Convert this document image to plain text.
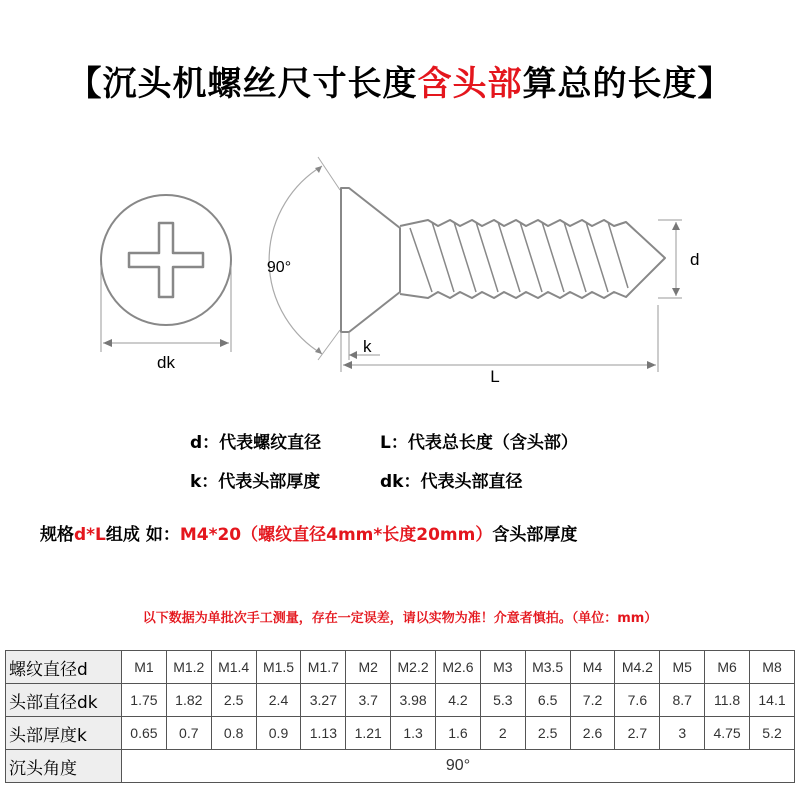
【沉头机螺丝尺寸长度含头部算总的长度】
dk
90°	d
k
L
d：代表螺纹直径	L：代表总长度（含头部）
k：代表头部厚度	dk：代表头部直径
规格d*L组成 如：M4*20（螺纹直径4mm*长度20mm）含头部厚度
以下数据为单批次手工测量，存在一定误差，请以实物为准！介意者慎拍。（单位：mm）
螺纹直径d	M1	M1.2	M1.4	M1.5	M1.7	M2	M2.2	M2.6	M3	M3.5	M4	M4.2	M5	M6	M8
头部直径dk	1.75	1.82	2.5	2.4	3.27	3.7	3.98	4.2	5.3	6.5	7.2	7.6	8.7	11.8	14.1
头部厚度k	0.65	0.7	0.8	0.9	1.13	1.21	1.3	1.6	2	2.5	2.6	2.7	3	4.75	5.2
沉头角度	90°														
